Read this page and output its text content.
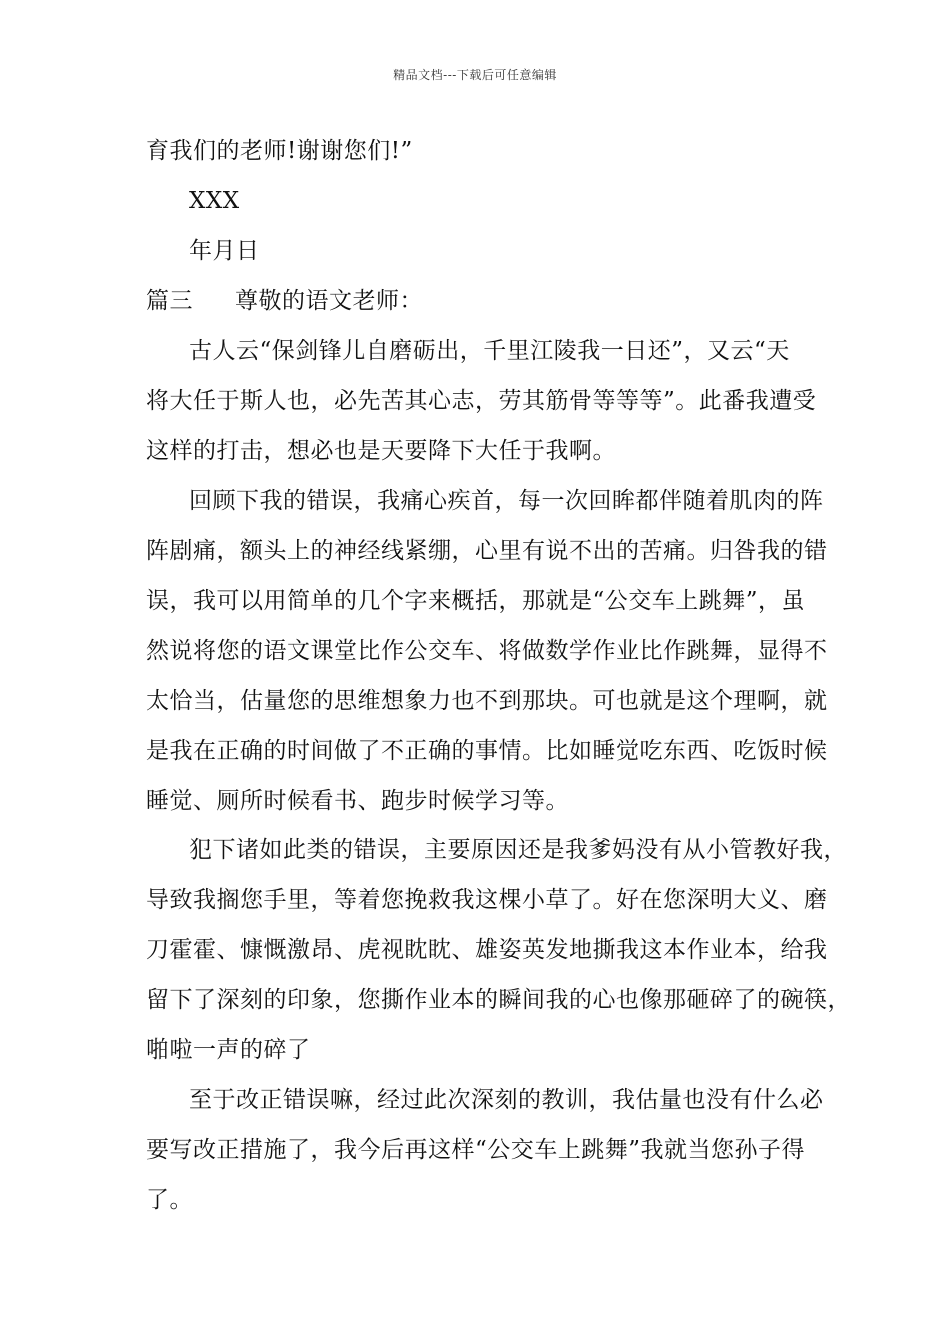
精品文档---下载后可任意编辑
育我们的老师!谢谢您们!”
XXX
年月日
篇三 尊敬的语文老师：
古人云“保剑锋儿自磨砺出，千里江陵我一日还”，又云“天
将大任于斯人也，必先苦其心志，劳其筋骨等等等”。此番我遭受
这样的打击，想必也是天要降下大任于我啊。
回顾下我的错误，我痛心疾首，每一次回眸都伴随着肌肉的阵
阵剧痛，额头上的神经线紧绷，心里有说不出的苦痛。归咎我的错
误，我可以用简单的几个字来概括，那就是“公交车上跳舞”，虽
然说将您的语文课堂比作公交车、将做数学作业比作跳舞，显得不
太恰当，估量您的思维想象力也不到那块。可也就是这个理啊，就
是我在正确的时间做了不正确的事情。比如睡觉吃东西、吃饭时候
睡觉、厕所时候看书、跑步时候学习等。
犯下诸如此类的错误，主要原因还是我爹妈没有从小管教好我，
导致我搁您手里，等着您挽救我这棵小草了。好在您深明大义、磨
刀霍霍、慷慨激昂、虎视眈眈、雄姿英发地撕我这本作业本，给我
留下了深刻的印象，您撕作业本的瞬间我的心也像那砸碎了的碗筷，
啪啦一声的碎了
至于改正错误嘛，经过此次深刻的教训，我估量也没有什么必
要写改正措施了，我今后再这样“公交车上跳舞”我就当您孙子得
了。
